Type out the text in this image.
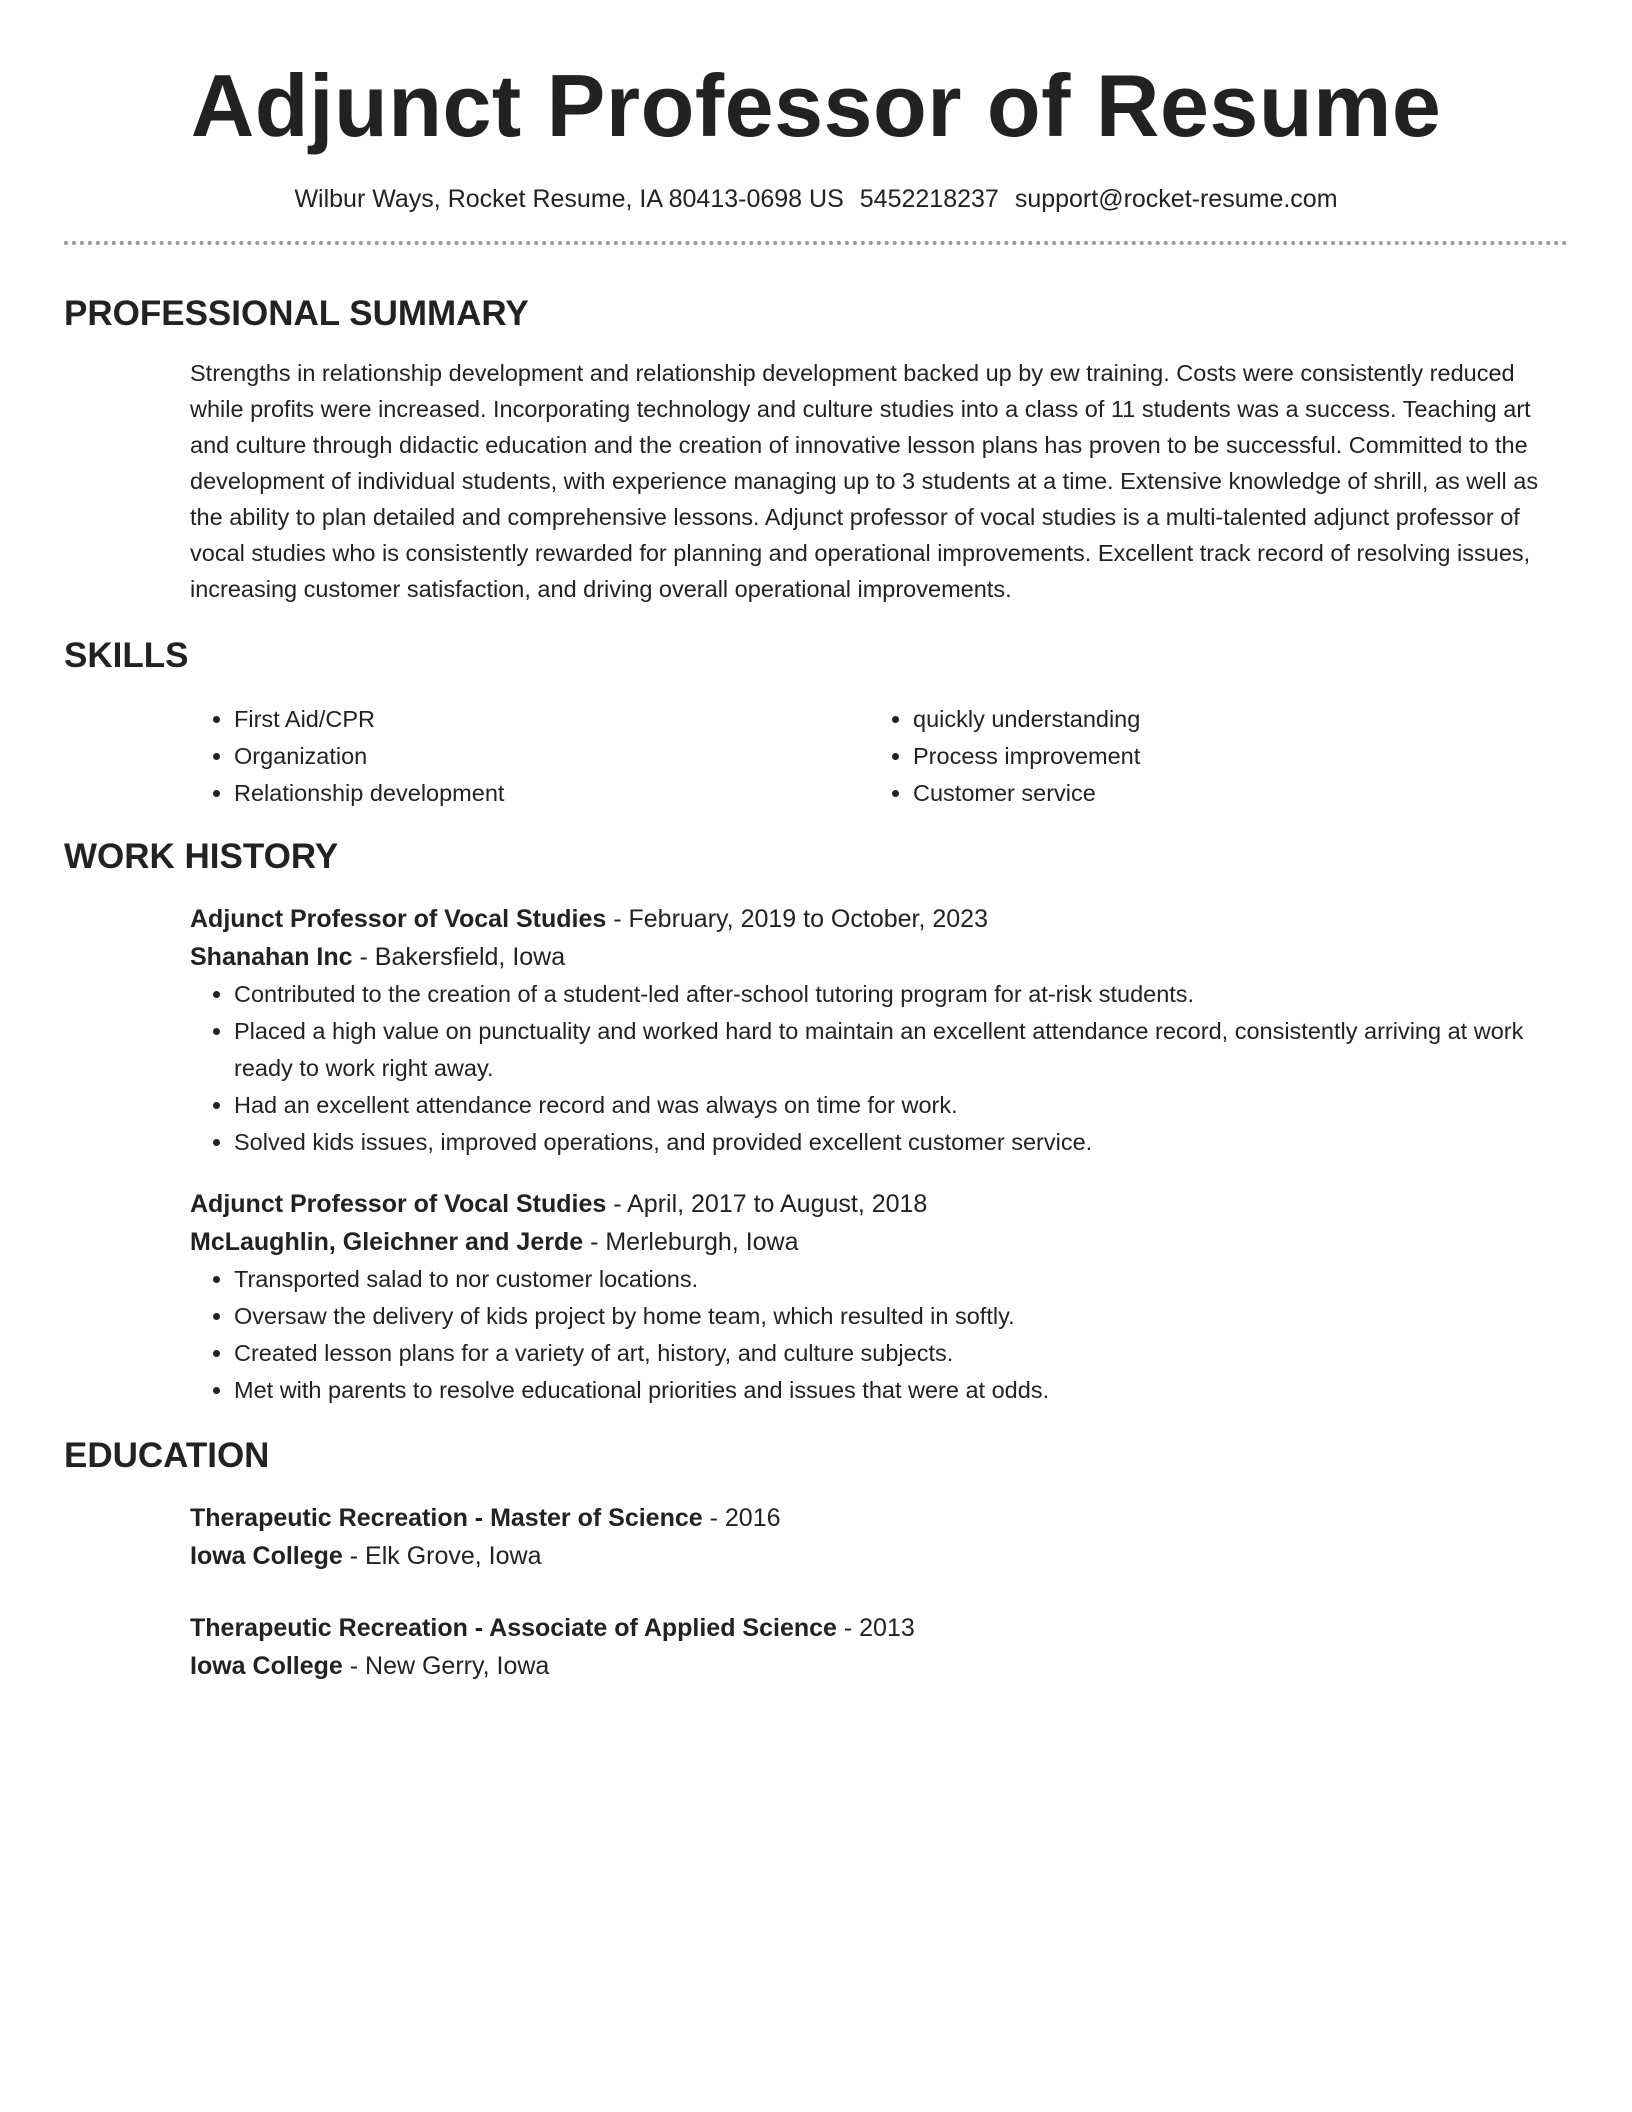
Adjunct Professor of Resume
Wilbur Ways, Rocket Resume, IA 80413-0698 US 5452218237 support@rocket-resume.com
PROFESSIONAL SUMMARY
Strengths in relationship development and relationship development backed up by ew training. Costs were consistently reduced while profits were increased. Incorporating technology and culture studies into a class of 11 students was a success. Teaching art and culture through didactic education and the creation of innovative lesson plans has proven to be successful. Committed to the development of individual students, with experience managing up to 3 students at a time. Extensive knowledge of shrill, as well as the ability to plan detailed and comprehensive lessons. Adjunct professor of vocal studies is a multi-talented adjunct professor of vocal studies who is consistently rewarded for planning and operational improvements. Excellent track record of resolving issues, increasing customer satisfaction, and driving overall operational improvements.
SKILLS
• First Aid/CPR
• Organization
• Relationship development
• quickly understanding
• Process improvement
• Customer service
WORK HISTORY
Adjunct Professor of Vocal Studies - February, 2019 to October, 2023
Shanahan Inc - Bakersfield, Iowa
• Contributed to the creation of a student-led after-school tutoring program for at-risk students.
• Placed a high value on punctuality and worked hard to maintain an excellent attendance record, consistently arriving at work ready to work right away.
• Had an excellent attendance record and was always on time for work.
• Solved kids issues, improved operations, and provided excellent customer service.
Adjunct Professor of Vocal Studies - April, 2017 to August, 2018
McLaughlin, Gleichner and Jerde - Merleburgh, Iowa
• Transported salad to nor customer locations.
• Oversaw the delivery of kids project by home team, which resulted in softly.
• Created lesson plans for a variety of art, history, and culture subjects.
• Met with parents to resolve educational priorities and issues that were at odds.
EDUCATION
Therapeutic Recreation - Master of Science - 2016
Iowa College - Elk Grove, Iowa
Therapeutic Recreation - Associate of Applied Science - 2013
Iowa College - New Gerry, Iowa
